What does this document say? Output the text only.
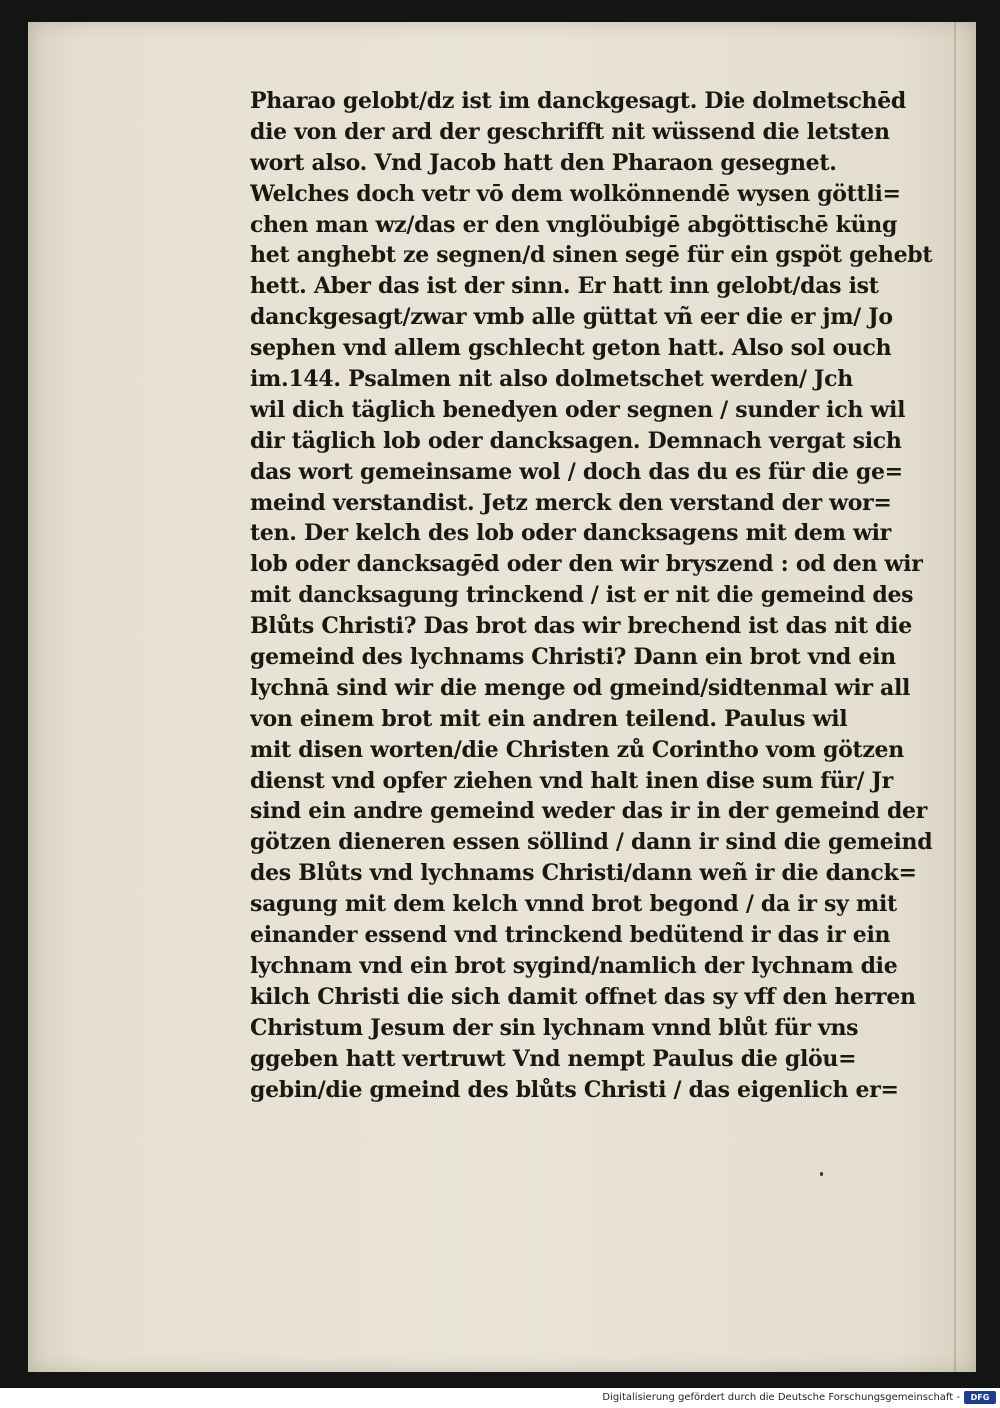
Pharao gelobt/dz ist im danckgesagt. Die dolmetschēd
die von der ard der geschrifft nit wüssend die letsten
wort also. Vnd Jacob hatt den Pharaon gesegnet.
Welches doch vetr vō dem wolkönnendē wysen göttli=
chen man wz/das er den vnglöubigē abgöttischē küng
het anghebt ze segnen/d sinen segē für ein gspöt gehebt
hett. Aber das ist der sinn. Er hatt inn gelobt/das ist
danckgesagt/zwar vmb alle güttat vñ eer die er jm/ Jo
sephen vnd allem gschlecht geton hatt. Also sol ouch
im.144. Psalmen nit also dolmetschet werden/ Jch
wil dich täglich benedyen oder segnen / sunder ich wil
dir täglich lob oder dancksagen. Demnach vergat sich
das wort gemeinsame wol / doch das du es für die ge=
meind verstandist. Jetz merck den verstand der wor=
ten. Der kelch des lob oder dancksagens mit dem wir
lob oder dancksagēd oder den wir bryszend : od den wir
mit dancksagung trinckend / ist er nit die gemeind des
Blůts Christi? Das brot das wir brechend ist das nit die
gemeind des lychnams Christi? Dann ein brot vnd ein
lychnā sind wir die menge od gmeind/sidtenmal wir all
von einem brot mit ein andren teilend. Paulus wil
mit disen worten/die Christen zů Corintho vom götzen
dienst vnd opfer ziehen vnd halt inen dise sum für/ Jr
sind ein andre gemeind weder das ir in der gemeind der
götzen dieneren essen söllind / dann ir sind die gemeind
des Blůts vnd lychnams Christi/dann weñ ir die danck=
sagung mit dem kelch vnnd brot begond / da ir sy mit
einander essend vnd trinckend bedütend ir das ir ein
lychnam vnd ein brot sygind/namlich der lychnam die
kilch Christi die sich damit offnet das sy vff den herren
Christum Jesum der sin lychnam vnnd blůt für vns
ggeben hatt vertruwt Vnd nempt Paulus die glöu=
gebin/die gmeind des blůts Christi / das eigenlich er=
Digitalisierung gefördert durch die Deutsche Forschungsgemeinschaft -	DFG
